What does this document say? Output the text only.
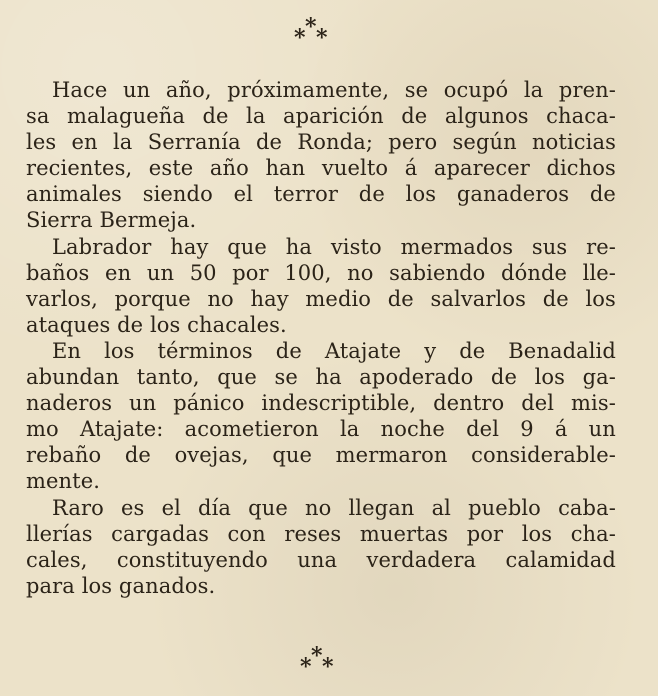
*
* *
Hace un año, próximamente, se ocupó la pren-
sa malagueña de la aparición de algunos chaca-
les en la Serranía de Ronda; pero según noticias
recientes, este año han vuelto á aparecer dichos
animales siendo el terror de los ganaderos de
Sierra Bermeja.
Labrador hay que ha visto mermados sus re-
baños en un 50 por 100, no sabiendo dónde lle-
varlos, porque no hay medio de salvarlos de los
ataques de los chacales.
En los términos de Atajate y de Benadalid
abundan tanto, que se ha apoderado de los ga-
naderos un pánico indescriptible, dentro del mis-
mo Atajate: acometieron la noche del 9 á un
rebaño de ovejas, que mermaron considerable-
mente.
Raro es el día que no llegan al pueblo caba-
llerías cargadas con reses muertas por los cha-
cales, constituyendo una verdadera calamidad
para los ganados.
*
* *
